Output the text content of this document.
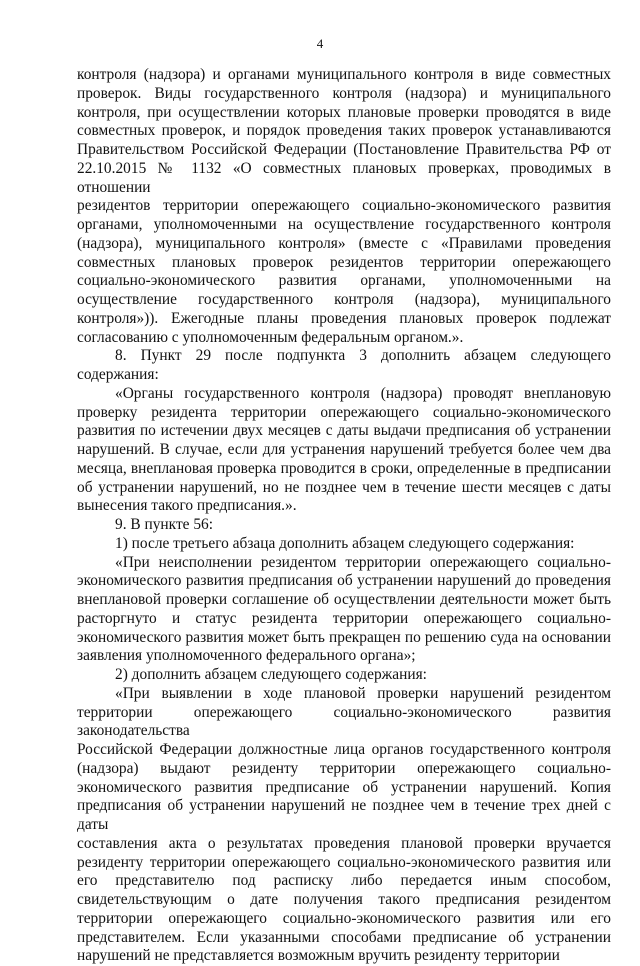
4
контроля (надзора) и органами муниципального контроля в виде совместных
проверок. Виды государственного контроля (надзора) и муниципального
контроля, при осуществлении которых плановые проверки проводятся в виде
совместных проверок, и порядок проведения таких проверок устанавливаются
Правительством Российской Федерации (Постановление Правительства РФ от
22.10.2015 № 1132 «О совместных плановых проверках, проводимых в отношении
резидентов территории опережающего социально-экономического развития
органами, уполномоченными на осуществление государственного контроля
(надзора), муниципального контроля» (вместе с «Правилами проведения
совместных плановых проверок резидентов территории опережающего
социально-экономического развития органами, уполномоченными на
осуществление государственного контроля (надзора), муниципального
контроля»)). Ежегодные планы проведения плановых проверок подлежат
согласованию с уполномоченным федеральным органом.».
8. Пункт 29 после подпункта 3 дополнить абзацем следующего содержания:
«Органы государственного контроля (надзора) проводят внеплановую
проверку резидента территории опережающего социально-экономического
развития по истечении двух месяцев с даты выдачи предписания об устранении
нарушений. В случае, если для устранения нарушений требуется более чем два
месяца, внеплановая проверка проводится в сроки, определенные в предписании
об устранении нарушений, но не позднее чем в течение шести месяцев с даты
вынесения такого предписания.».
9. В пункте 56:
1) после третьего абзаца дополнить абзацем следующего содержания:
«При неисполнении резидентом территории опережающего социально-
экономического развития предписания об устранении нарушений до проведения
внеплановой проверки соглашение об осуществлении деятельности может быть
расторгнуто и статус резидента территории опережающего социально-
экономического развития может быть прекращен по решению суда на основании
заявления уполномоченного федерального органа»;
2) дополнить абзацем следующего содержания:
«При выявлении в ходе плановой проверки нарушений резидентом
территории опережающего социально-экономического развития законодательства
Российской Федерации должностные лица органов государственного контроля
(надзора) выдают резиденту территории опережающего социально-
экономического развития предписание об устранении нарушений. Копия
предписания об устранении нарушений не позднее чем в течение трех дней с даты
составления акта о результатах проведения плановой проверки вручается
резиденту территории опережающего социально-экономического развития или
его представителю под расписку либо передается иным способом,
свидетельствующим о дате получения такого предписания резидентом
территории опережающего социально-экономического развития или его
представителем. Если указанными способами предписание об устранении
нарушений не представляется возможным вручить резиденту территории
